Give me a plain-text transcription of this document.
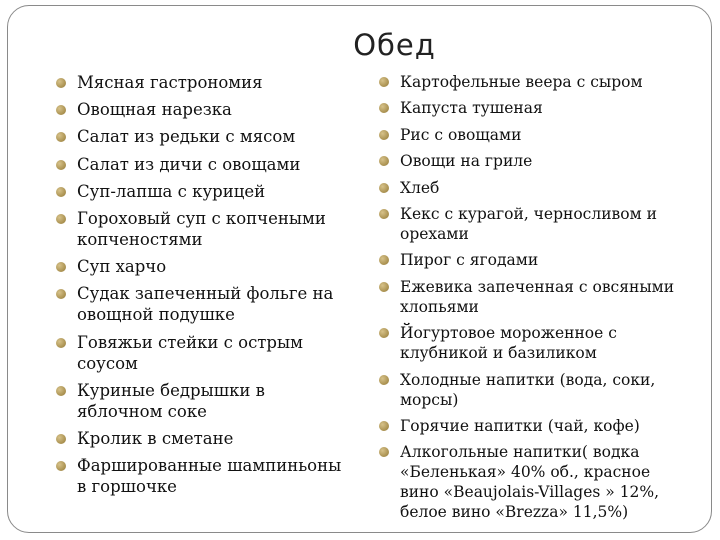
Обед
Мясная гастрономия
Овощная нарезка
Салат из редьки с мясом
Салат из дичи с овощами
Суп-лапша с курицей
Гороховый суп с копчеными копченостями
Суп харчо
Судак запеченный фольге на овощной подушке
Говяжьи стейки с острым соусом
Куриные бедрышки в яблочном соке
Кролик в сметане
Фаршированные шампиньоны в горшочке
Картофельные веера с сыром
Капуста тушеная
Рис с овощами
Овощи на гриле
Хлеб
Кекс с курагой, черносливом и орехами
Пирог с ягодами
Ежевика запеченная с овсяными хлопьями
Йогуртовое мороженное с клубникой и базиликом
Холодные напитки (вода, соки, морсы)
Горячие напитки (чай, кофе)
Алкогольные напитки( водка «Беленькая» 40% об., красное вино «Beaujolais-Villages » 12%, белое вино «Brezza» 11,5%)
